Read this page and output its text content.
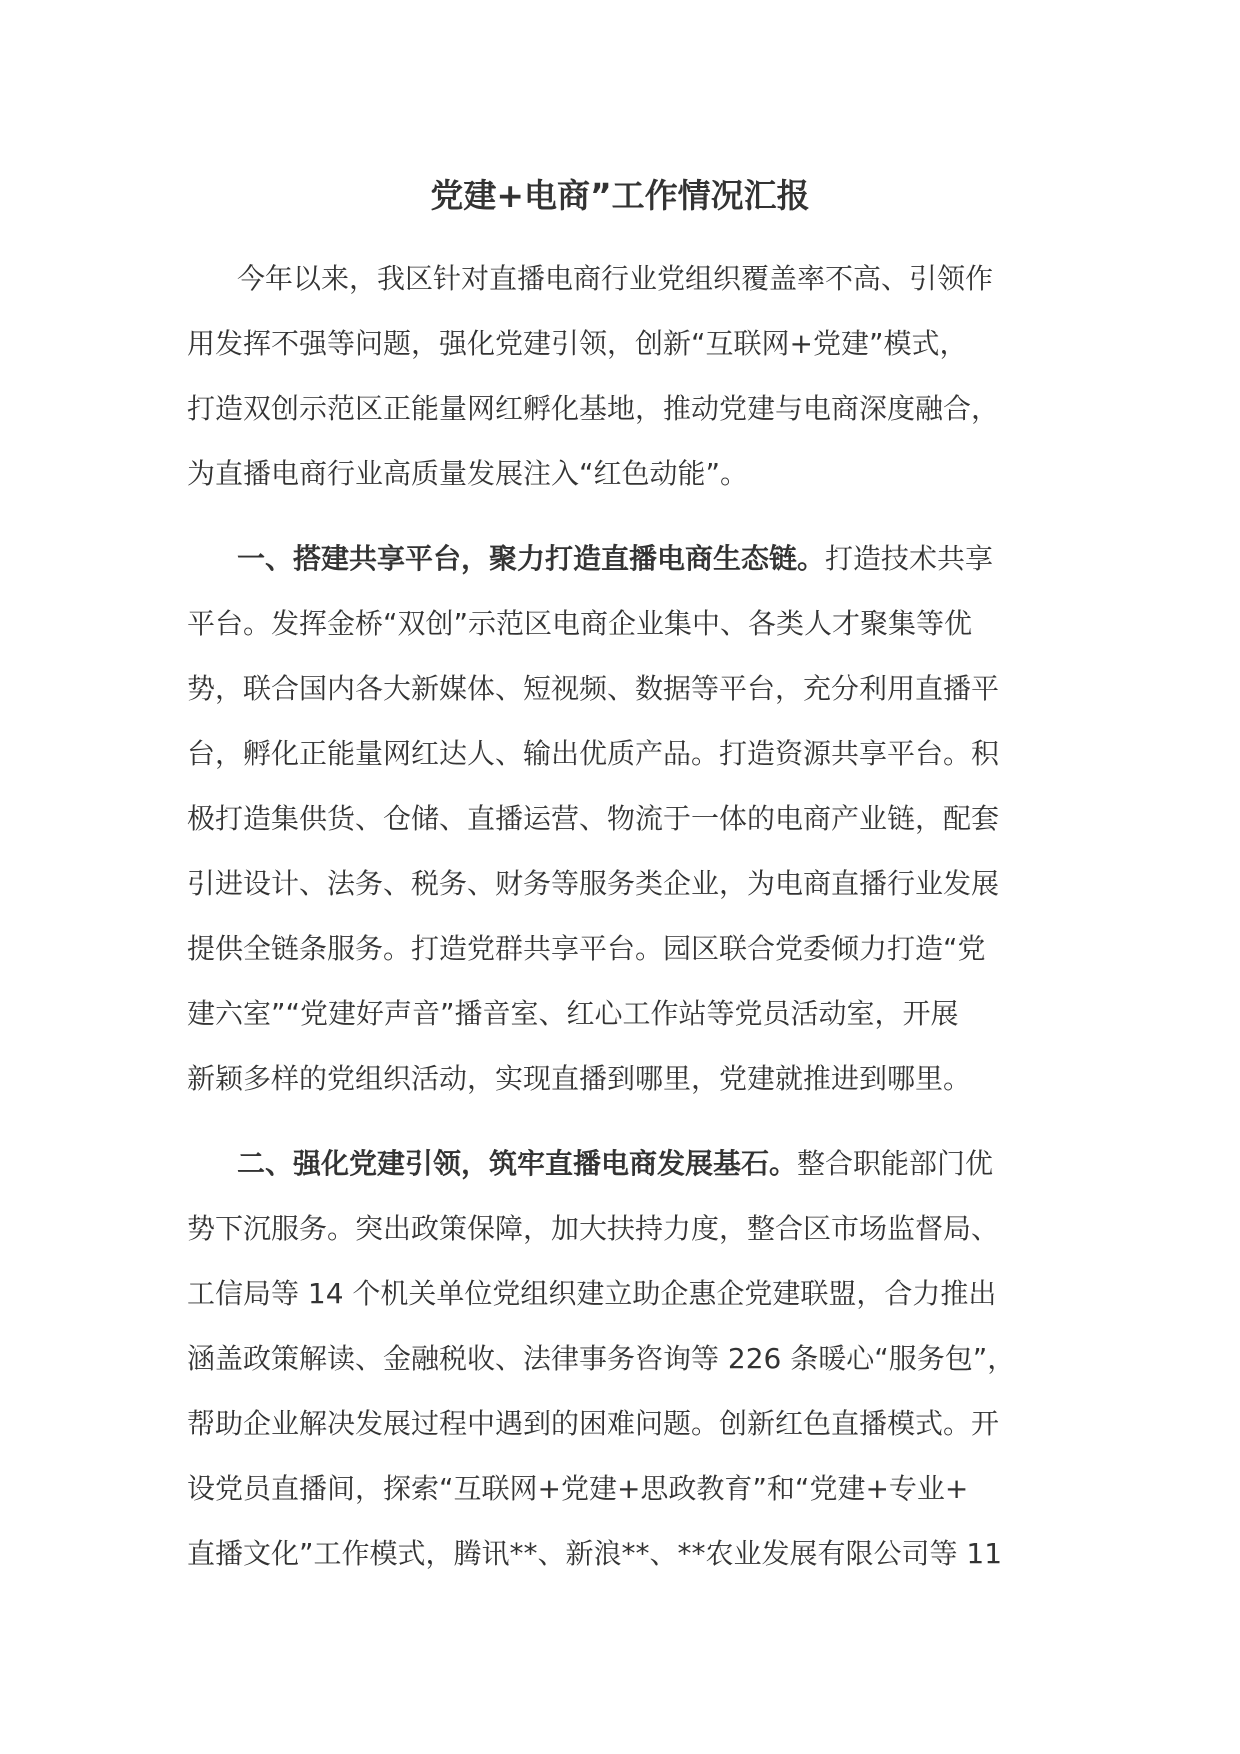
党建+电商”工作情况汇报
今年以来，我区针对直播电商行业党组织覆盖率不高、引领作
用发挥不强等问题，强化党建引领，创新“互联网+党建”模式，
打造双创示范区正能量网红孵化基地，推动党建与电商深度融合，
为直播电商行业高质量发展注入“红色动能”。
一、搭建共享平台，聚力打造直播电商生态链。打造技术共享
平台。发挥金桥“双创”示范区电商企业集中、各类人才聚集等优
势，联合国内各大新媒体、短视频、数据等平台，充分利用直播平
台，孵化正能量网红达人、输出优质产品。打造资源共享平台。积
极打造集供货、仓储、直播运营、物流于一体的电商产业链，配套
引进设计、法务、税务、财务等服务类企业，为电商直播行业发展
提供全链条服务。打造党群共享平台。园区联合党委倾力打造“党
建六室”“党建好声音”播音室、红心工作站等党员活动室，开展
新颖多样的党组织活动，实现直播到哪里，党建就推进到哪里。
二、强化党建引领，筑牢直播电商发展基石。整合职能部门优
势下沉服务。突出政策保障，加大扶持力度，整合区市场监督局、
工信局等 14 个机关单位党组织建立助企惠企党建联盟，合力推出
涵盖政策解读、金融税收、法律事务咨询等 226 条暖心“服务包”，
帮助企业解决发展过程中遇到的困难问题。创新红色直播模式。开
设党员直播间，探索“互联网+党建+思政教育”和“党建+专业+
直播文化”工作模式，腾讯**、新浪**、**农业发展有限公司等 11
